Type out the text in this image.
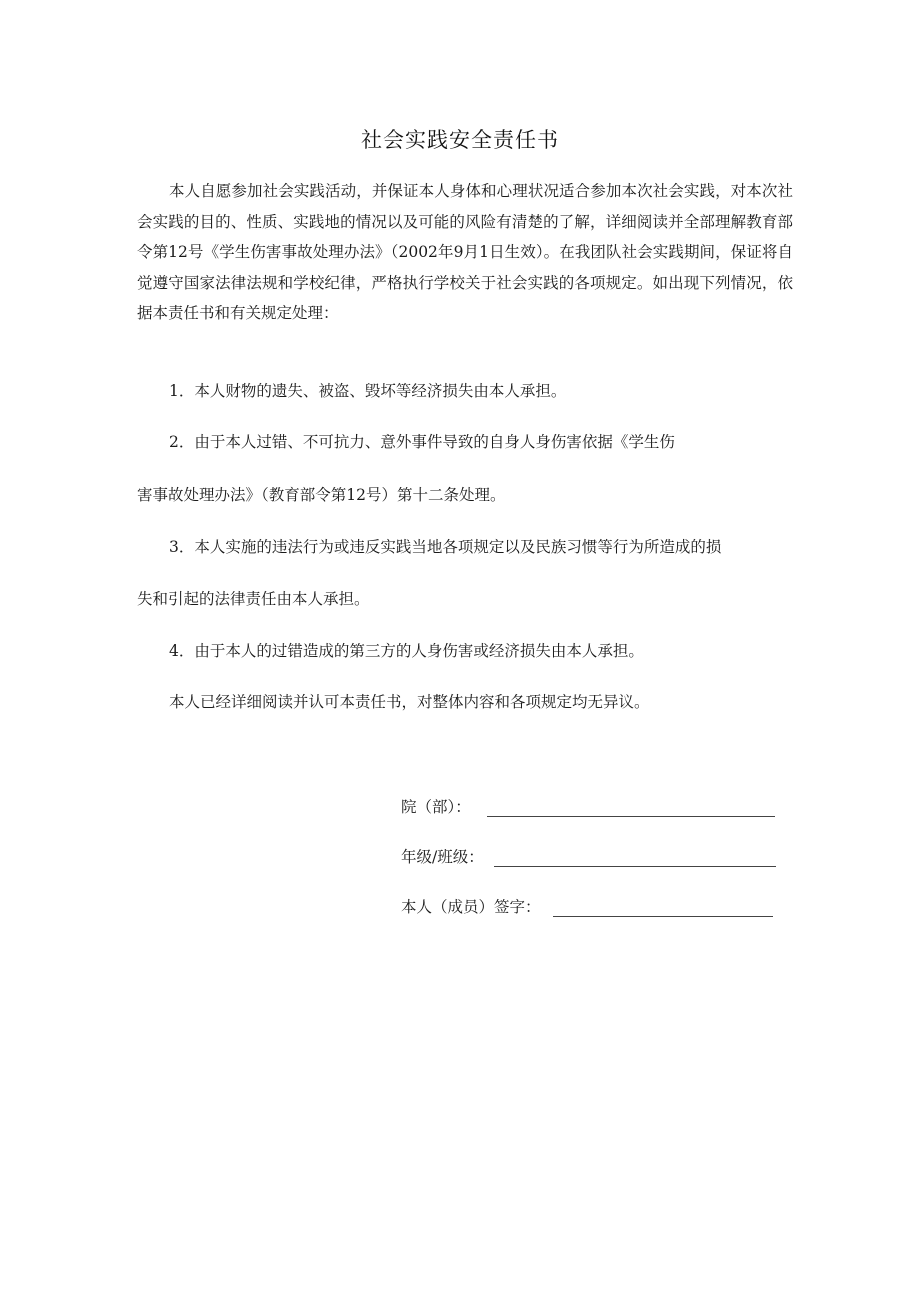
社会实践安全责任书

本人自愿参加社会实践活动，并保证本人身体和心理状况适合参加本次社会实践，对本次社会实践的目的、性质、实践地的情况以及可能的风险有清楚的了解，详细阅读并全部理解教育部令第12号《学生伤害事故处理办法》（2002年9月1日生效）。在我团队社会实践期间，保证将自觉遵守国家法律法规和学校纪律，严格执行学校关于社会实践的各项规定。如出现下列情况，依据本责任书和有关规定处理：

1．本人财物的遗失、被盗、毁坏等经济损失由本人承担。

2．由于本人过错、不可抗力、意外事件导致的自身人身伤害依据《学生伤

害事故处理办法》（教育部令第12号）第十二条处理。

3．本人实施的违法行为或违反实践当地各项规定以及民族习惯等行为所造成的损

失和引起的法律责任由本人承担。

4．由于本人的过错造成的第三方的人身伤害或经济损失由本人承担。

本人已经详细阅读并认可本责任书，对整体内容和各项规定均无异议。

院（部）：
年级/班级：
本人（成员）签字：
